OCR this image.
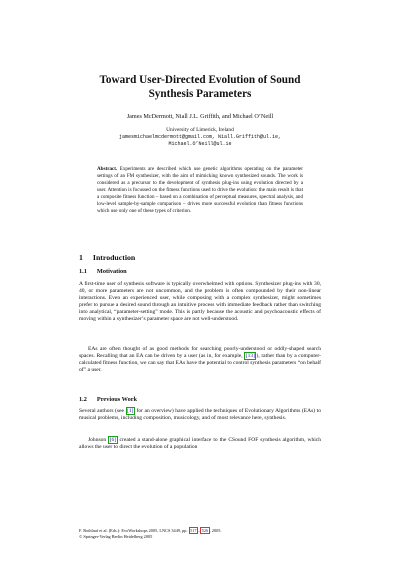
Toward User-Directed Evolution of Sound
Synthesis Parameters
James McDermott, Niall J.L. Griffith, and Michael O’Neill
University of Limerick, Ireland
jamesmichaelmcdermott@gmail.com, Niall.Griffith@ul.ie,
Michael.O’Neill@ul.ie

Abstract. Experiments are described which use genetic algorithms operating on the parameter settings of an FM synthesizer, with the aim of mimicking known synthesized sounds. The work is considered as a precursor to the development of synthesis plug-ins using evolution directed by a user. Attention is focussed on the fitness functions used to drive the evolution: the main result is that a composite fitness function – based on a combination of perceptual measures, spectral analysis, and low-level sample-by-sample comparison – drives more successful evolution than fitness functions which use only one of these types of criterion.

1 Introduction
1.1 Motivation

A first-time user of synthesis software is typically overwhelmed with options. Synthesizer plug-ins with 30, 40, or more parameters are not uncommon, and the problem is often compounded by their non-linear interactions. Even an experienced user, while composing with a complex synthesizer, might sometimes prefer to pursue a desired sound through an intuitive process with immediate feedback rather than switching into analytical, “parameter-setting” mode. This is partly because the acoustic and psychoacoustic effects of moving within a synthesizer’s parameter space are not well-understood.

EAs are often thought of as good methods for searching poorly-understood or oddly-shaped search spaces. Recalling that an EA can be driven by a user (as in, for example, [13] ), rather than by a computer-calculated fitness function, we can say that EAs have the potential to control synthesis parameters “on behalf of” a user.

1.2 Previous Work

Several authors (see [1] for an overview) have applied the techniques of Evolutionary Algorithms (EAs) to musical problems, including composition, musicology, and of most relevance here, synthesis.

Johnson [6] created a stand-alone graphical interface to the CSound FOF synthesis algorithm, which allows the user to direct the evolution of a population

F. Rothlauf et al. (Eds.): EvoWorkshops 2005, LNCS 3449, pp. 517 – 526 , 2005.
© Springer-Verlag Berlin Heidelberg 2005
